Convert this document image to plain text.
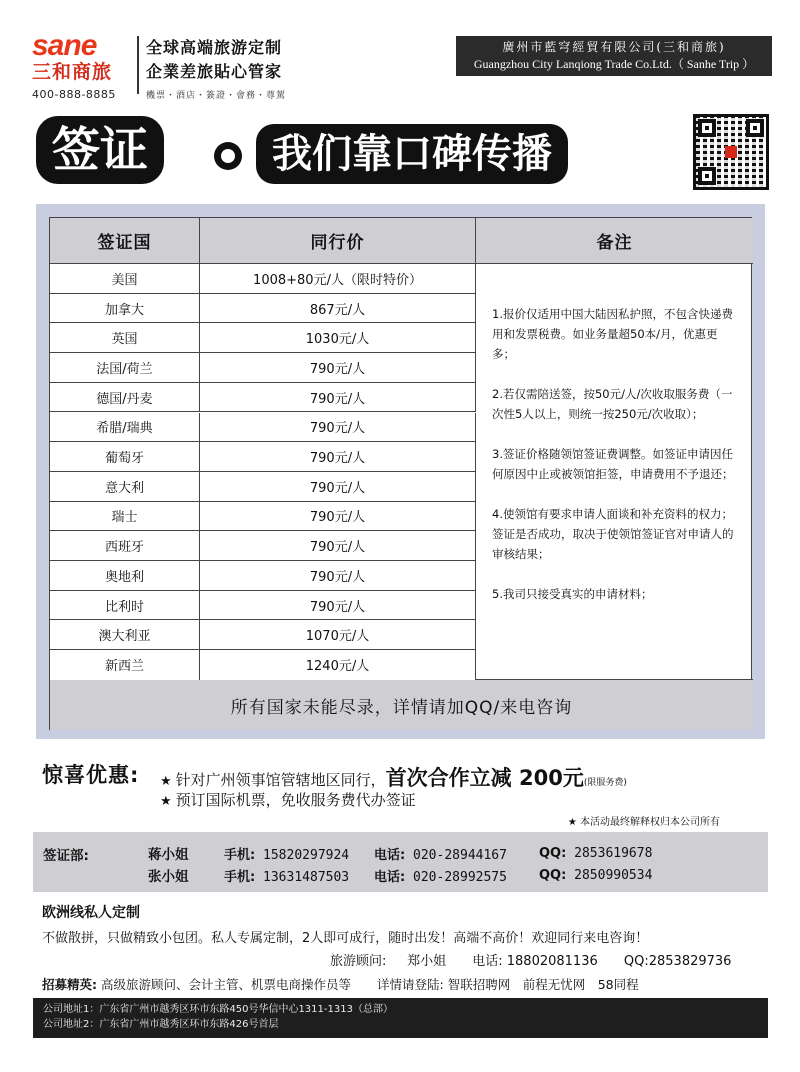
sane
三和商旅
400-888-8885
全球高端旅游定制
企業差旅貼心管家
機票・酒店・簽證・會務・尊駕
廣州市藍穹經貿有限公司(三和商旅)
Guangzhou City Lanqiong Trade Co.Ltd.（ Sanhe Trip ）
签证	我们靠口碑传播
签证国	同行价	备注
美国	1008+80元/人（限时特价）
加拿大	867元/人
英国	1030元/人
法国/荷兰	790元/人
德国/丹麦	790元/人
希腊/瑞典	790元/人
葡萄牙	790元/人
意大利	790元/人
瑞士	790元/人
西班牙	790元/人
奥地利	790元/人
比利时	790元/人
澳大利亚	1070元/人
新西兰	1240元/人

1.报价仅适用中国大陆因私护照，不包含快递费用和发票税费。如业务量超50本/月，优惠更多；

2.若仅需陪送签，按50元/人/次收取服务费（一次性5人以上，则统一按250元/次收取）；

3.签证价格随领馆签证费调整。如签证申请因任何原因中止或被领馆拒签，申请费用不予退还；

4.使领馆有要求申请人面谈和补充资料的权力；签证是否成功，取决于使领馆签证官对申请人的审核结果；

5.我司只接受真实的申请材料；

所有国家未能尽录，详情请加QQ/来电咨询
惊喜优惠: ★ 针对广州领事馆管辖地区同行，首次合作立减 200元(限服务费)
★ 预订国际机票，免收服务费代办签证
★ 本活动最终解释权归本公司所有
签证部:	蒋小姐	手机: 15820297924	电话: 020-28944167	QQ: 2853619678
张小姐	手机: 13631487503	电话: 020-28992575	QQ: 2850990534
欧洲线私人定制
不做散拼，只做精致小包团。私人专属定制，2人即可成行，随时出发！高端不高价！欢迎同行来电咨询！
旅游顾问: 郑小姐 电话: 18802081136 QQ:2853829736
招募精英: 高级旅游顾问、会计主管、机票电商操作员等 详情请登陆: 智联招聘网　前程无忧网　58同程
公司地址1：广东省广州市越秀区环市东路450号华信中心1311-1313（总部）
公司地址2：广东省广州市越秀区环市东路426号首层
